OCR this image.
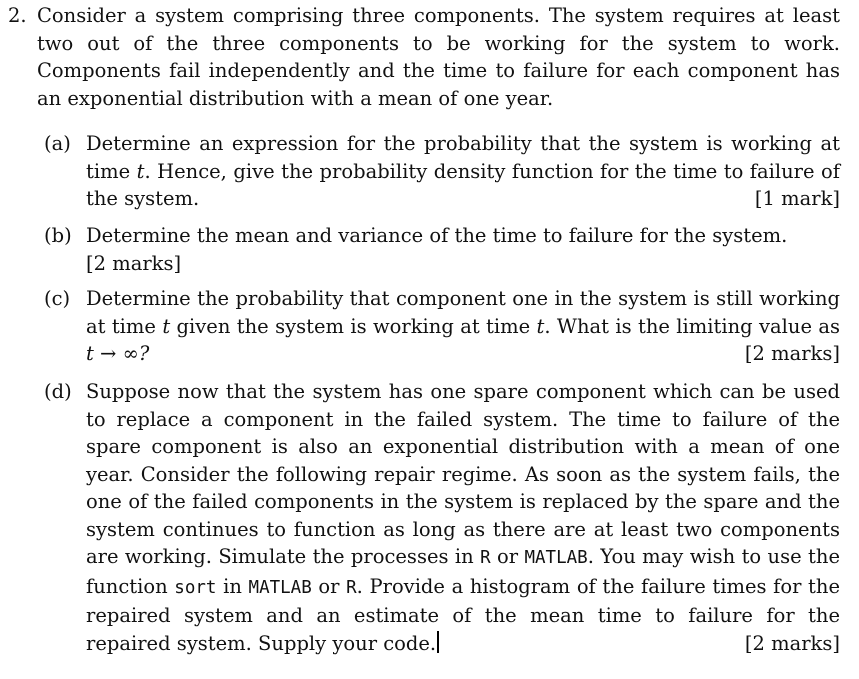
2. Consider a system comprising three components. The system requires at least two out of the three components to be working for the system to work. Components fail independently and the time to failure for each component has an exponential distribution with a mean of one year.
(a) Determine an expression for the probability that the system is working at time t. Hence, give the probability density function for the time to failure of the system.	[1 mark]
(b) Determine the mean and variance of the time to failure for the system.
[2 marks]
(c) Determine the probability that component one in the system is still working at time t given the system is working at time t. What is the limiting value as t → ∞?	[2 marks]
(d) Suppose now that the system has one spare component which can be used to replace a component in the failed system. The time to failure of the spare component is also an exponential distribution with a mean of one year. Consider the following repair regime. As soon as the system fails, the one of the failed components in the system is replaced by the spare and the system continues to function as long as there are at least two components are working. Simulate the processes in R or MATLAB. You may wish to use the function sort in MATLAB or R. Provide a histogram of the failure times for the repaired system and an estimate of the mean time to failure for the repaired system. Supply your code.	[2 marks]
